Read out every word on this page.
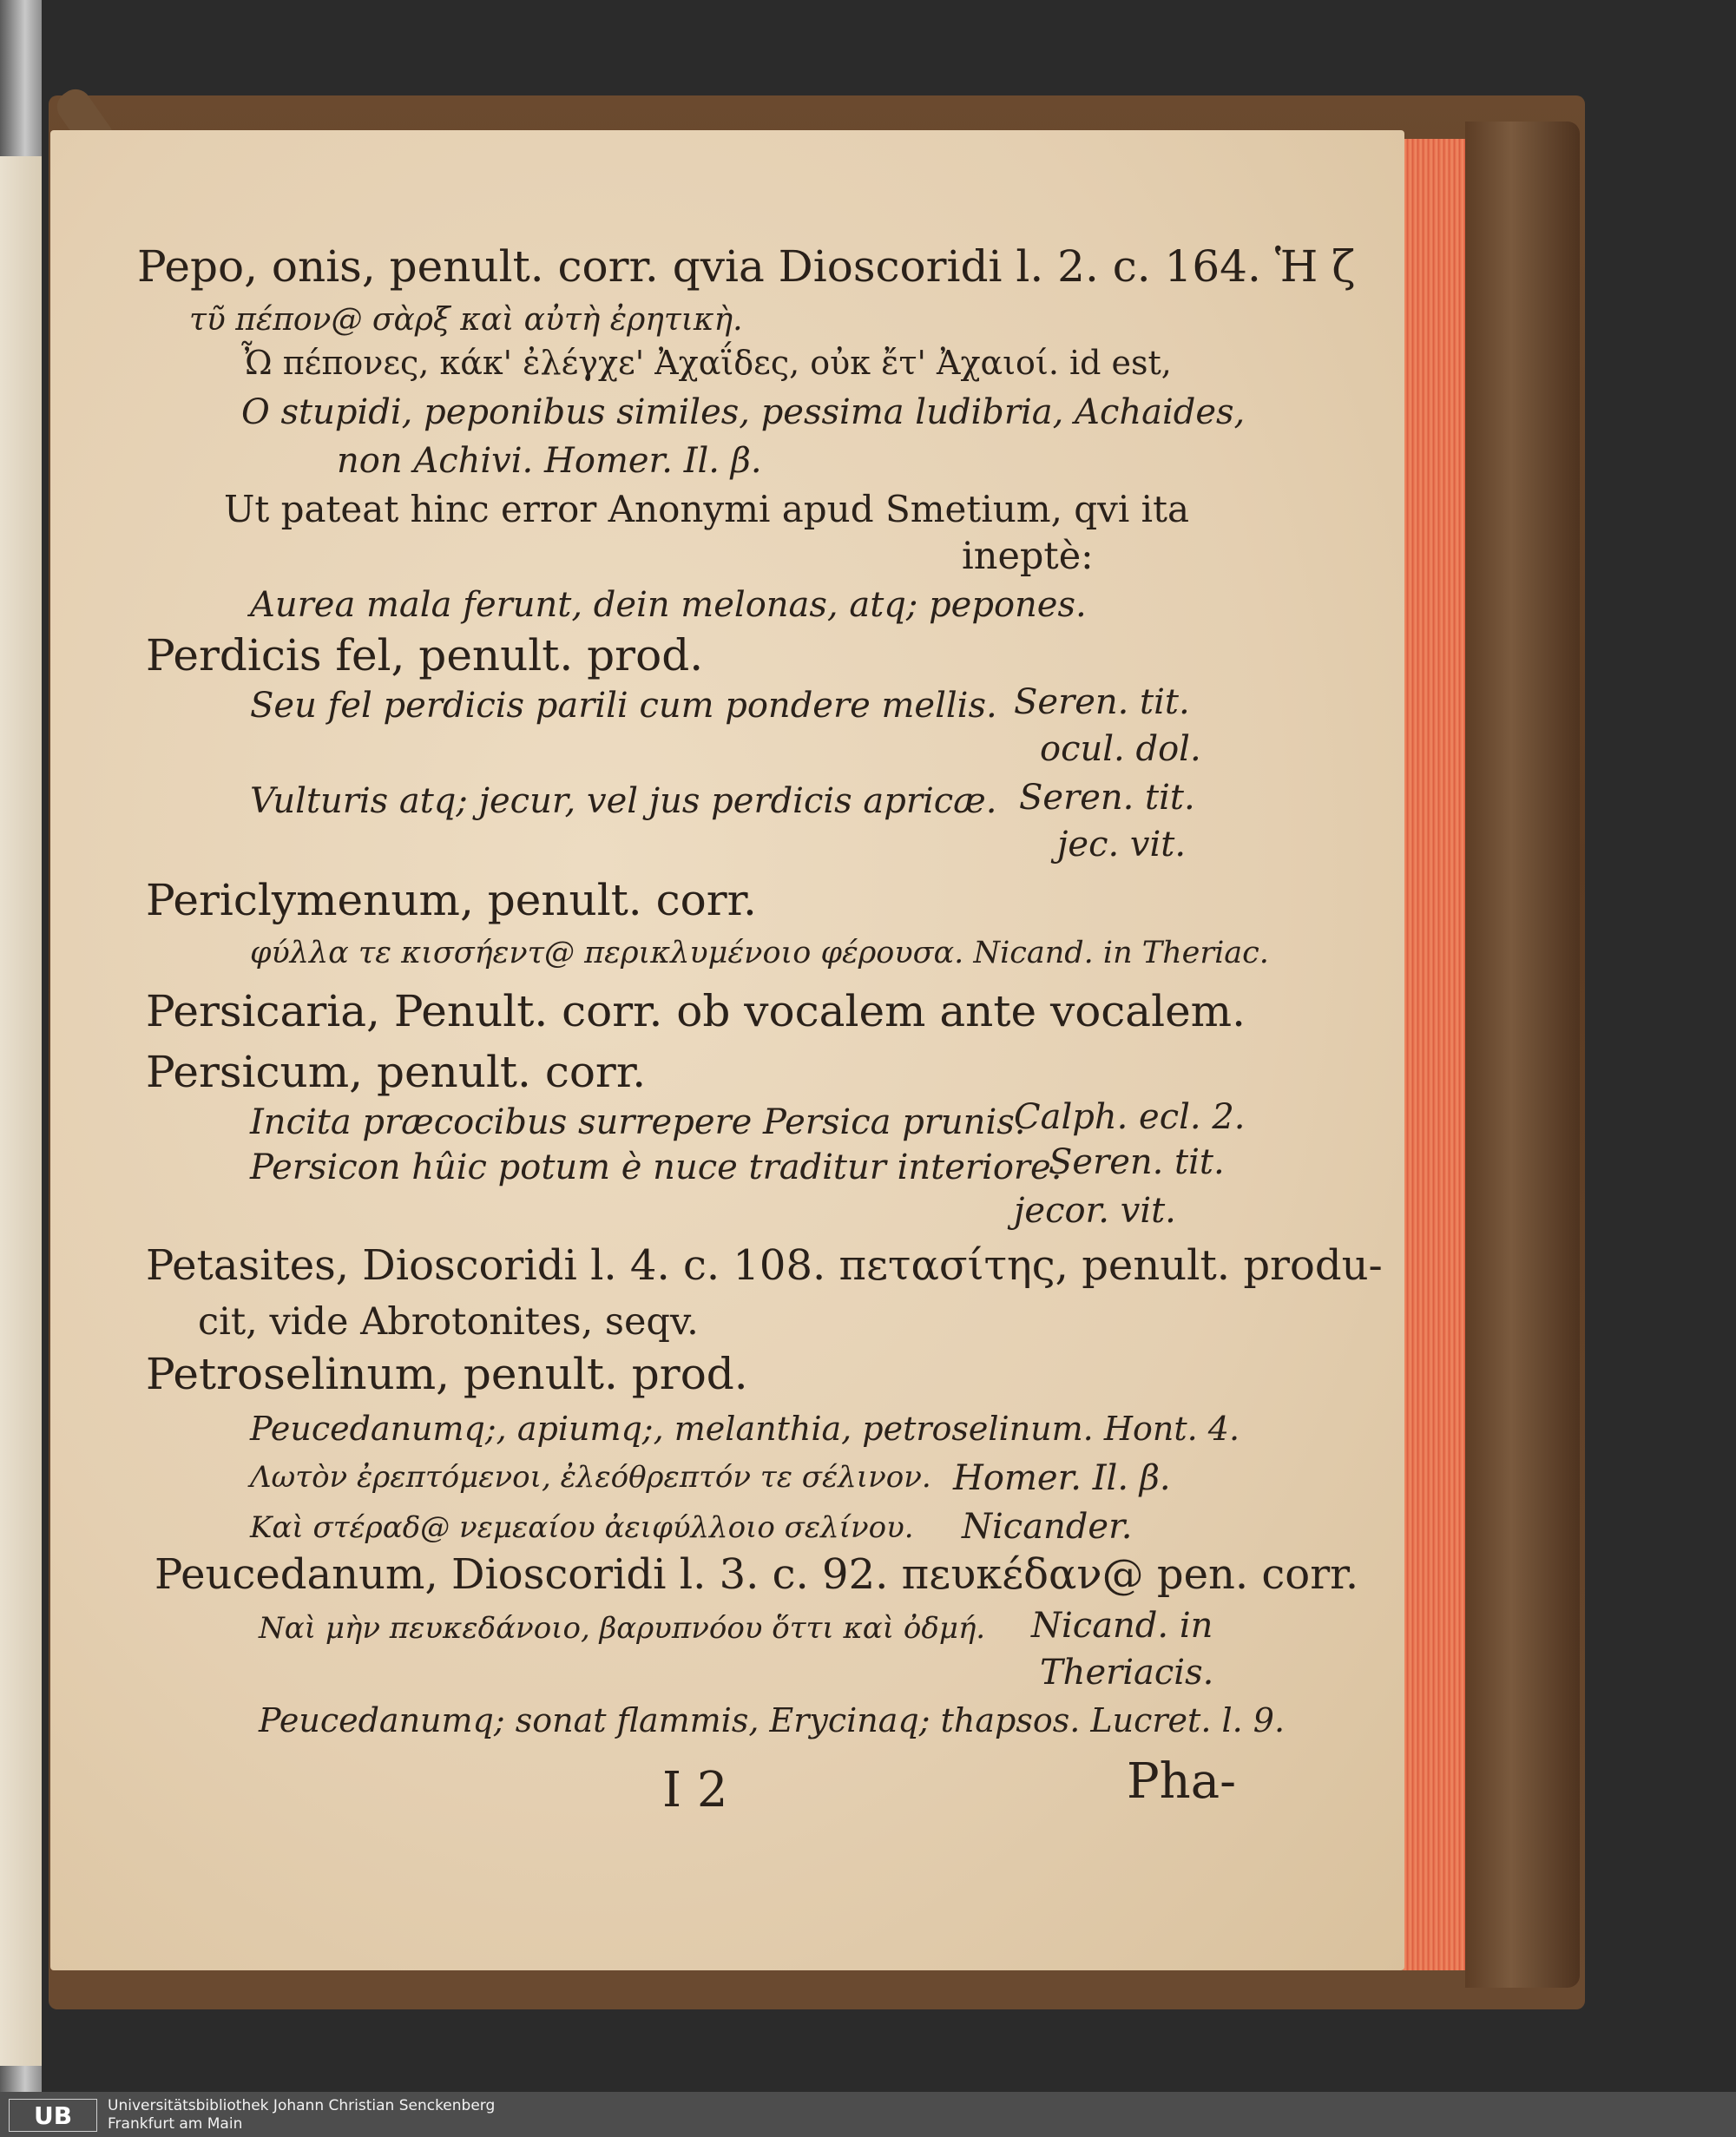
Pepo, onis, penult. corr. qvia Dioscoridi l. 2. c. 164. Ἡ ζ
τῦ πέπον@ σὰρξ καὶ αὐτὴ ἐρητικὴ.
Ὦ πέπονες, κάκ' ἐλέγχε' Ἀχαΐδες, οὐκ ἔτ' Ἀχαιοί. id est,
O stupidi, peponibus similes, pessima ludibria, Achaides,
non Achivi. Homer. Il. β.
Ut pateat hinc error Anonymi apud Smetium, qvi ita
ineptè:
Aurea mala ferunt, dein melonas, atq; pepones.
Perdicis fel, penult. prod.
Seu fel perdicis parili cum pondere mellis. Seren. tit.
ocul. dol.
Vulturis atq; jecur, vel jus perdicis apricæ. Seren. tit.
jec. vit.
Periclymenum, penult. corr.
φύλλα τε κισσήεντ@ περικλυμένοιο φέρουσα. Nicand. in Theriac.
Persicaria, Penult. corr. ob vocalem ante vocalem.
Persicum, penult. corr.
Incita præcocibus surrepere Persica prunis.
Calph. ecl. 2.
Persicon hûic potum è nuce traditur interiore.
Seren. tit.
jecor. vit.
Petasites, Dioscoridi l. 4. c. 108. πετασίτης, penult. produ-
cit, vide Abrotonites, seqv.
Petroselinum, penult. prod.
Peucedanumq;, apiumq;, melanthia, petroselinum. Hont. 4.
Λωτὸν ἐρεπτόμενοι, ἐλεόθρεπτόν τε σέλινον. Homer. Il. β.
Καὶ στέραδ@ νεμεαίου ἀειφύλλοιο σελίνου. Nicander.
Peucedanum, Dioscoridi l. 3. c. 92. πευκέδαν@ pen. corr.
Ναὶ μὴν πευκεδάνοιο, βαρυπνόου ὅττι καὶ ὀδμή. Nicand. in
Theriacis.
Peucedanumq; sonat flammis, Erycinaq; thapsos. Lucret. l. 9.
I 2	Pha-
UB	Universitätsbibliothek Johann Christian Senckenberg
Frankfurt am Main
